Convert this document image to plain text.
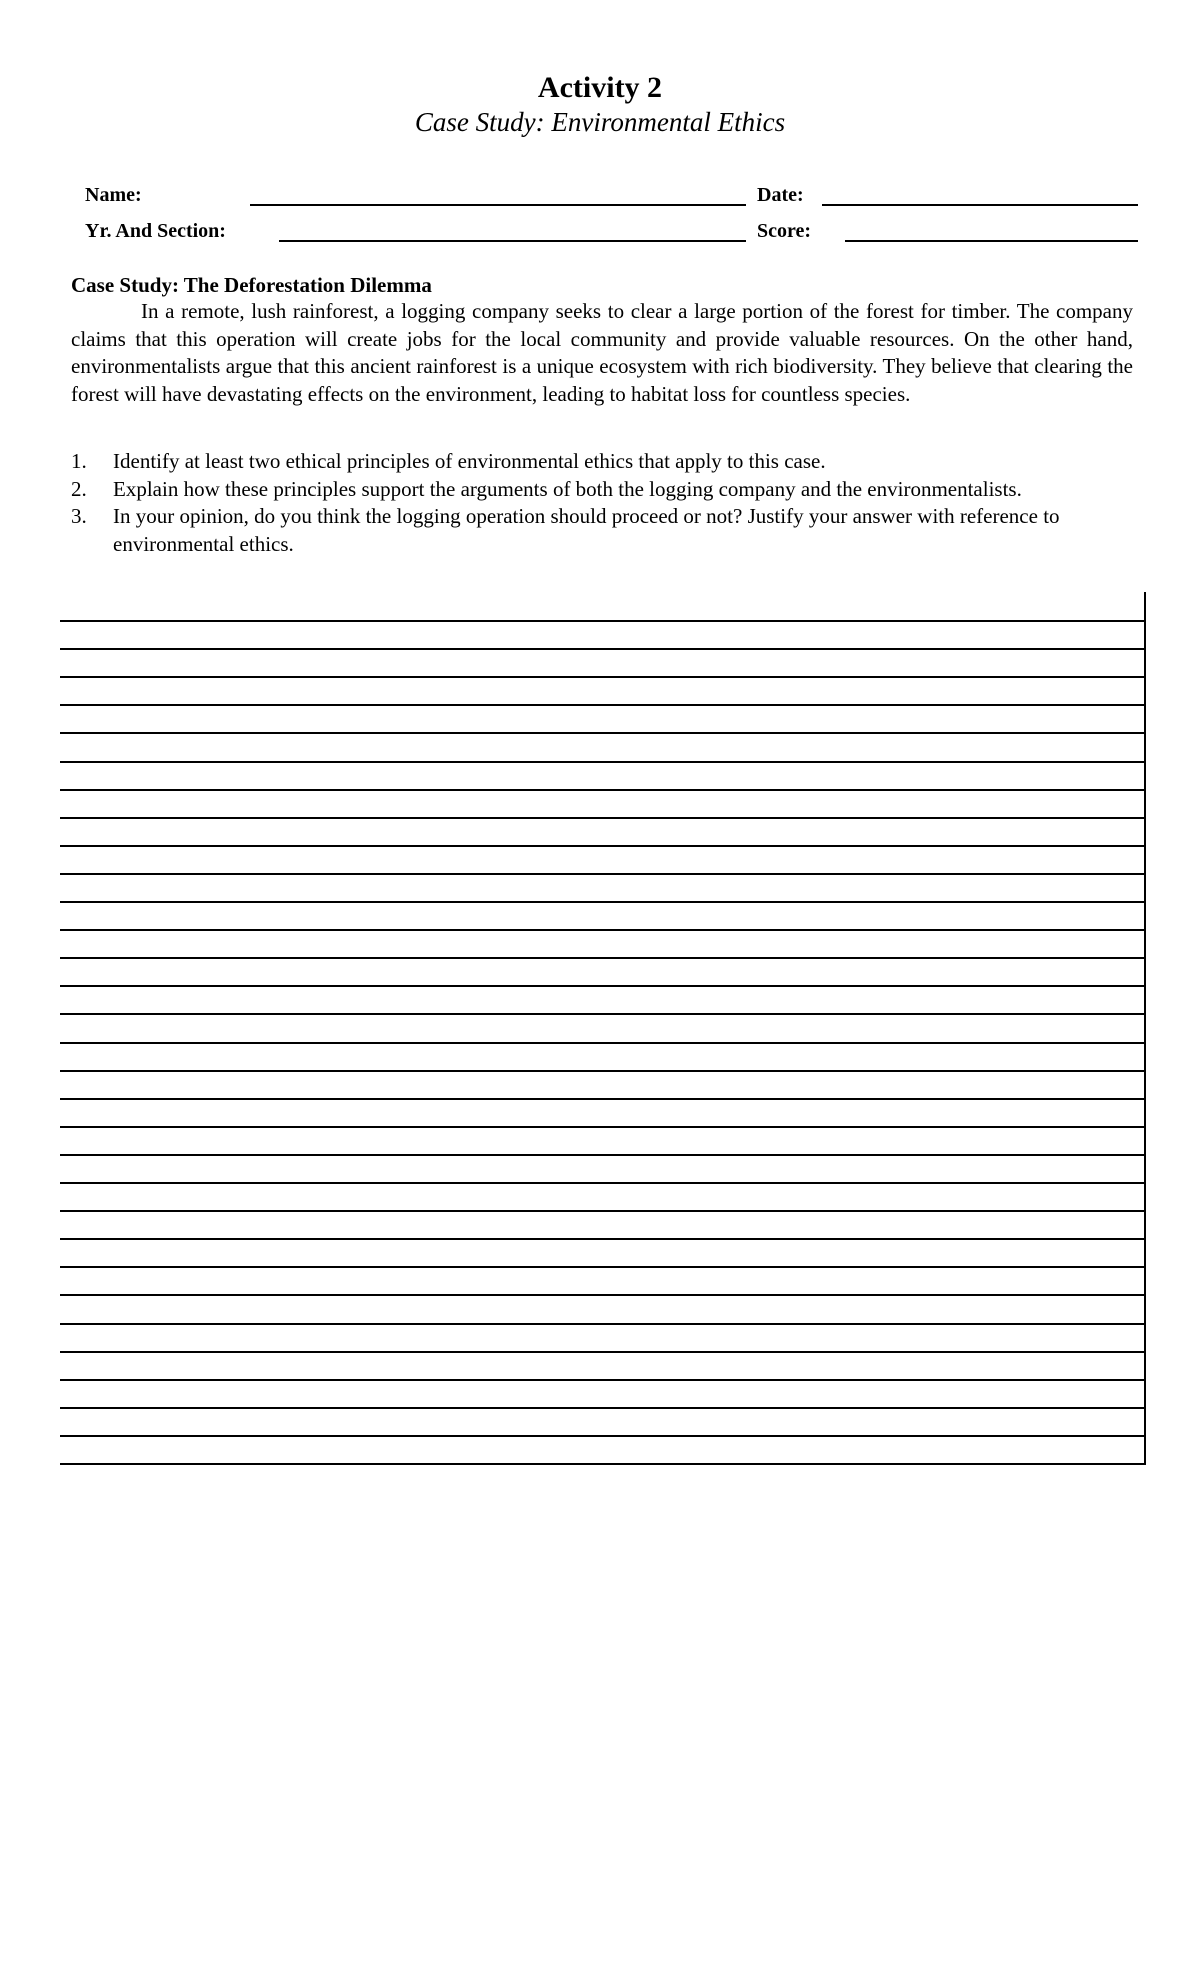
Activity 2
Case Study: Environmental Ethics
Name:	Date:
Yr. And Section:	Score:
Case Study: The Deforestation Dilemma

In a remote, lush rainforest, a logging company seeks to clear a large portion of the forest for timber. The company claims that this operation will create jobs for the local community and provide valuable resources. On the other hand, environmentalists argue that this ancient rainforest is a unique ecosystem with rich biodiversity. They believe that clearing the forest will have devastating effects on the environment, leading to habitat loss for countless species.

1. Identify at least two ethical principles of environmental ethics that apply to this case.
2. Explain how these principles support the arguments of both the logging company and the environmentalists.
3. In your opinion, do you think the logging operation should proceed or not? Justify your answer with reference to environmental ethics.
